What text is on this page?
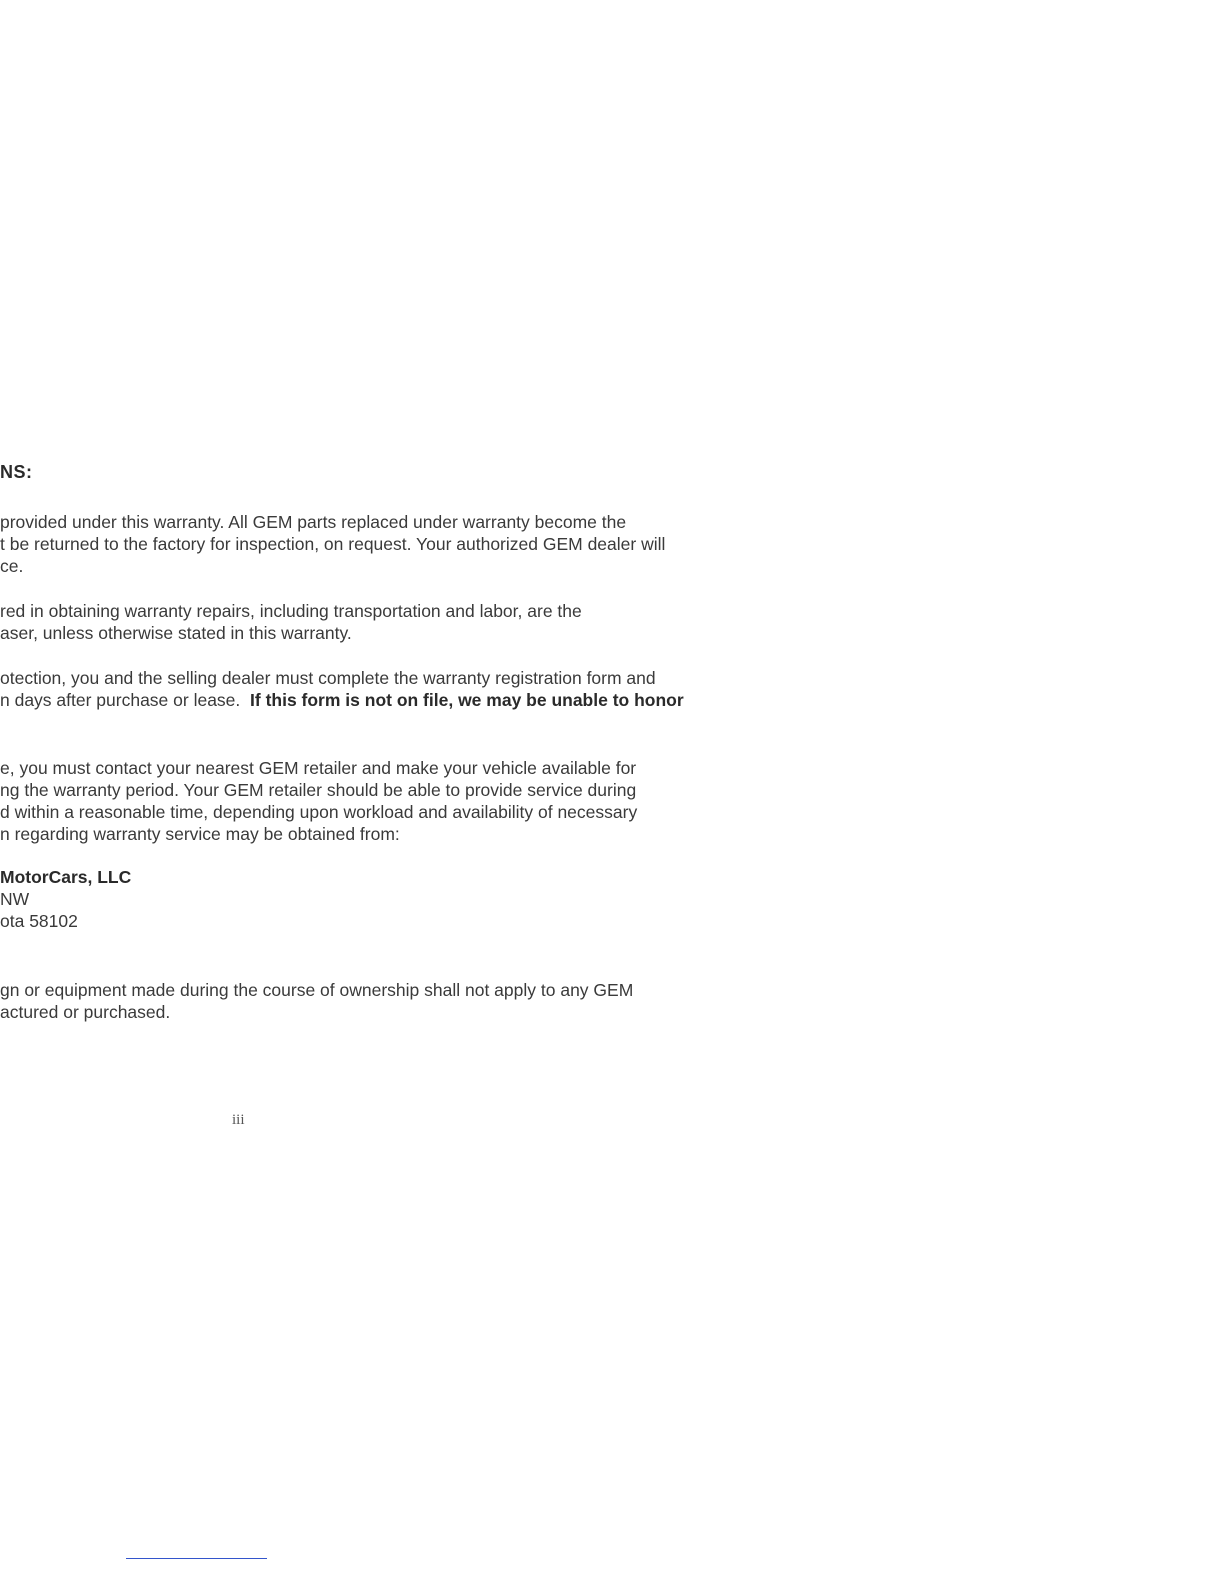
NS:
provided under this warranty. All GEM parts replaced under warranty become the
t be returned to the factory for inspection, on request. Your authorized GEM dealer will
ce.
red in obtaining warranty repairs, including transportation and labor, are the
aser, unless otherwise stated in this warranty.
otection, you and the selling dealer must complete the warranty registration form and
n days after purchase or lease. If this form is not on file, we may be unable to honor
e, you must contact your nearest GEM retailer and make your vehicle available for
ng the warranty period. Your GEM retailer should be able to provide service during
d within a reasonable time, depending upon workload and availability of necessary
n regarding warranty service may be obtained from:
MotorCars, LLC
NW
ota 58102
gn or equipment made during the course of ownership shall not apply to any GEM
actured or purchased.
iii
